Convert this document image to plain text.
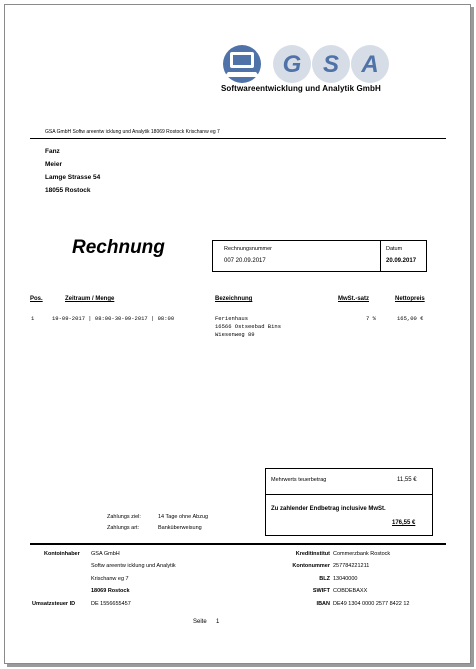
G S A
Softwareentwicklung und Analytik GmbH
GSA GmbH Softw areentw icklung und Analytik 18069 Rostock Krischanw eg 7
Fanz
Meier
Lamge Strasse 54
18055 Rostock
Rechnung	Rechnungsnummer
007 20.09.2017
Datum
20.09.2017
Pos.	Zeitraum / Menge	Bezeichnung	MwSt.-satz	Nettopreis
1	19-09-2017 | 08:00-30-09-2017 | 08:00	Ferienhaus
16566 Ostseebad Bins
Wiesenweg 89
7 %	165,00 €
Mehrwerts teuerbetrag	11,55 €
Zu zahlender Endbetrag inclusive MwSt.
176,55 €
Zahlungs ziel:	14 Tage ohne Abzug
Zahlungs art:	Banküberweisung
Kontoinhaber GSA GmbH
Softw areentw icklung und Analytik
Krischanw eg 7
18069 Rostock
Umsatzsteuer ID	DE 1556655457
Kreditinstitut Commerzbank Rostock
Kontonummer 257784221211
BLZ 13040000
SWIFT COBDEBAXX
IBAN DE49 1304 0000 2577 8422 12
Seite 1
